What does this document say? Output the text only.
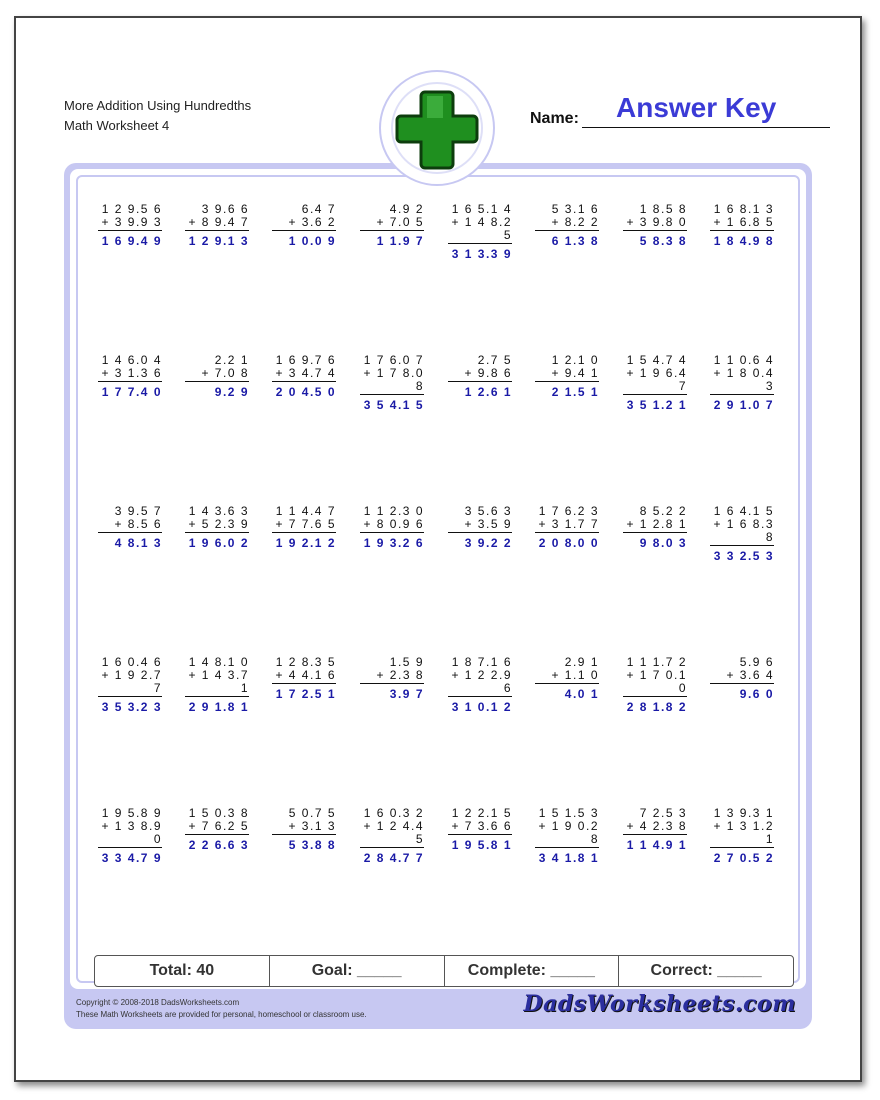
More Addition Using Hundredths
Math Worksheet 4	Name: Answer Key
1 2 9.5 6
+ 3 9.9 3
1 6 9.4 9
3 9.6 6
+ 8 9.4 7
1 2 9.1 3
6.4 7
+ 3.6 2
1 0.0 9
4.9 2
+ 7.0 5
1 1.9 7
1 6 5.1 4
+ 1 4 8.2 5
3 1 3.3 9
5 3.1 6
+ 8.2 2
6 1.3 8
1 8.5 8
+ 3 9.8 0
5 8.3 8
1 6 8.1 3
+ 1 6.8 5
1 8 4.9 8
1 4 6.0 4
+ 3 1.3 6
1 7 7.4 0
2.2 1
+ 7.0 8
9.2 9
1 6 9.7 6
+ 3 4.7 4
2 0 4.5 0
1 7 6.0 7
+ 1 7 8.0 8
3 5 4.1 5
2.7 5
+ 9.8 6
1 2.6 1
1 2.1 0
+ 9.4 1
2 1.5 1
1 5 4.7 4
+ 1 9 6.4 7
3 5 1.2 1
1 1 0.6 4
+ 1 8 0.4 3
2 9 1.0 7
3 9.5 7
+ 8.5 6
4 8.1 3
1 4 3.6 3
+ 5 2.3 9
1 9 6.0 2
1 1 4.4 7
+ 7 7.6 5
1 9 2.1 2
1 1 2.3 0
+ 8 0.9 6
1 9 3.2 6
3 5.6 3
+ 3.5 9
3 9.2 2
1 7 6.2 3
+ 3 1.7 7
2 0 8.0 0
8 5.2 2
+ 1 2.8 1
9 8.0 3
1 6 4.1 5
+ 1 6 8.3 8
3 3 2.5 3
1 6 0.4 6
+ 1 9 2.7 7
3 5 3.2 3
1 4 8.1 0
+ 1 4 3.7 1
2 9 1.8 1
1 2 8.3 5
+ 4 4.1 6
1 7 2.5 1
1.5 9
+ 2.3 8
3.9 7
1 8 7.1 6
+ 1 2 2.9 6
3 1 0.1 2
2.9 1
+ 1.1 0
4.0 1
1 1 1.7 2
+ 1 7 0.1 0
2 8 1.8 2
5.9 6
+ 3.6 4
9.6 0
1 9 5.8 9
+ 1 3 8.9 0
3 3 4.7 9
1 5 0.3 8
+ 7 6.2 5
2 2 6.6 3
5 0.7 5
+ 3.1 3
5 3.8 8
1 6 0.3 2
+ 1 2 4.4 5
2 8 4.7 7
1 2 2.1 5
+ 7 3.6 6
1 9 5.8 1
1 5 1.5 3
+ 1 9 0.2 8
3 4 1.8 1
7 2.5 3
+ 4 2.3 8
1 1 4.9 1
1 3 9.3 1
+ 1 3 1.2 1
2 7 0.5 2
Total: 40	Goal: _____	Complete: _____	Correct: _____
Copyright © 2008-2018 DadsWorksheets.com
These Math Worksheets are provided for personal, homeschool or classroom use.	DadsWorksheets.com
